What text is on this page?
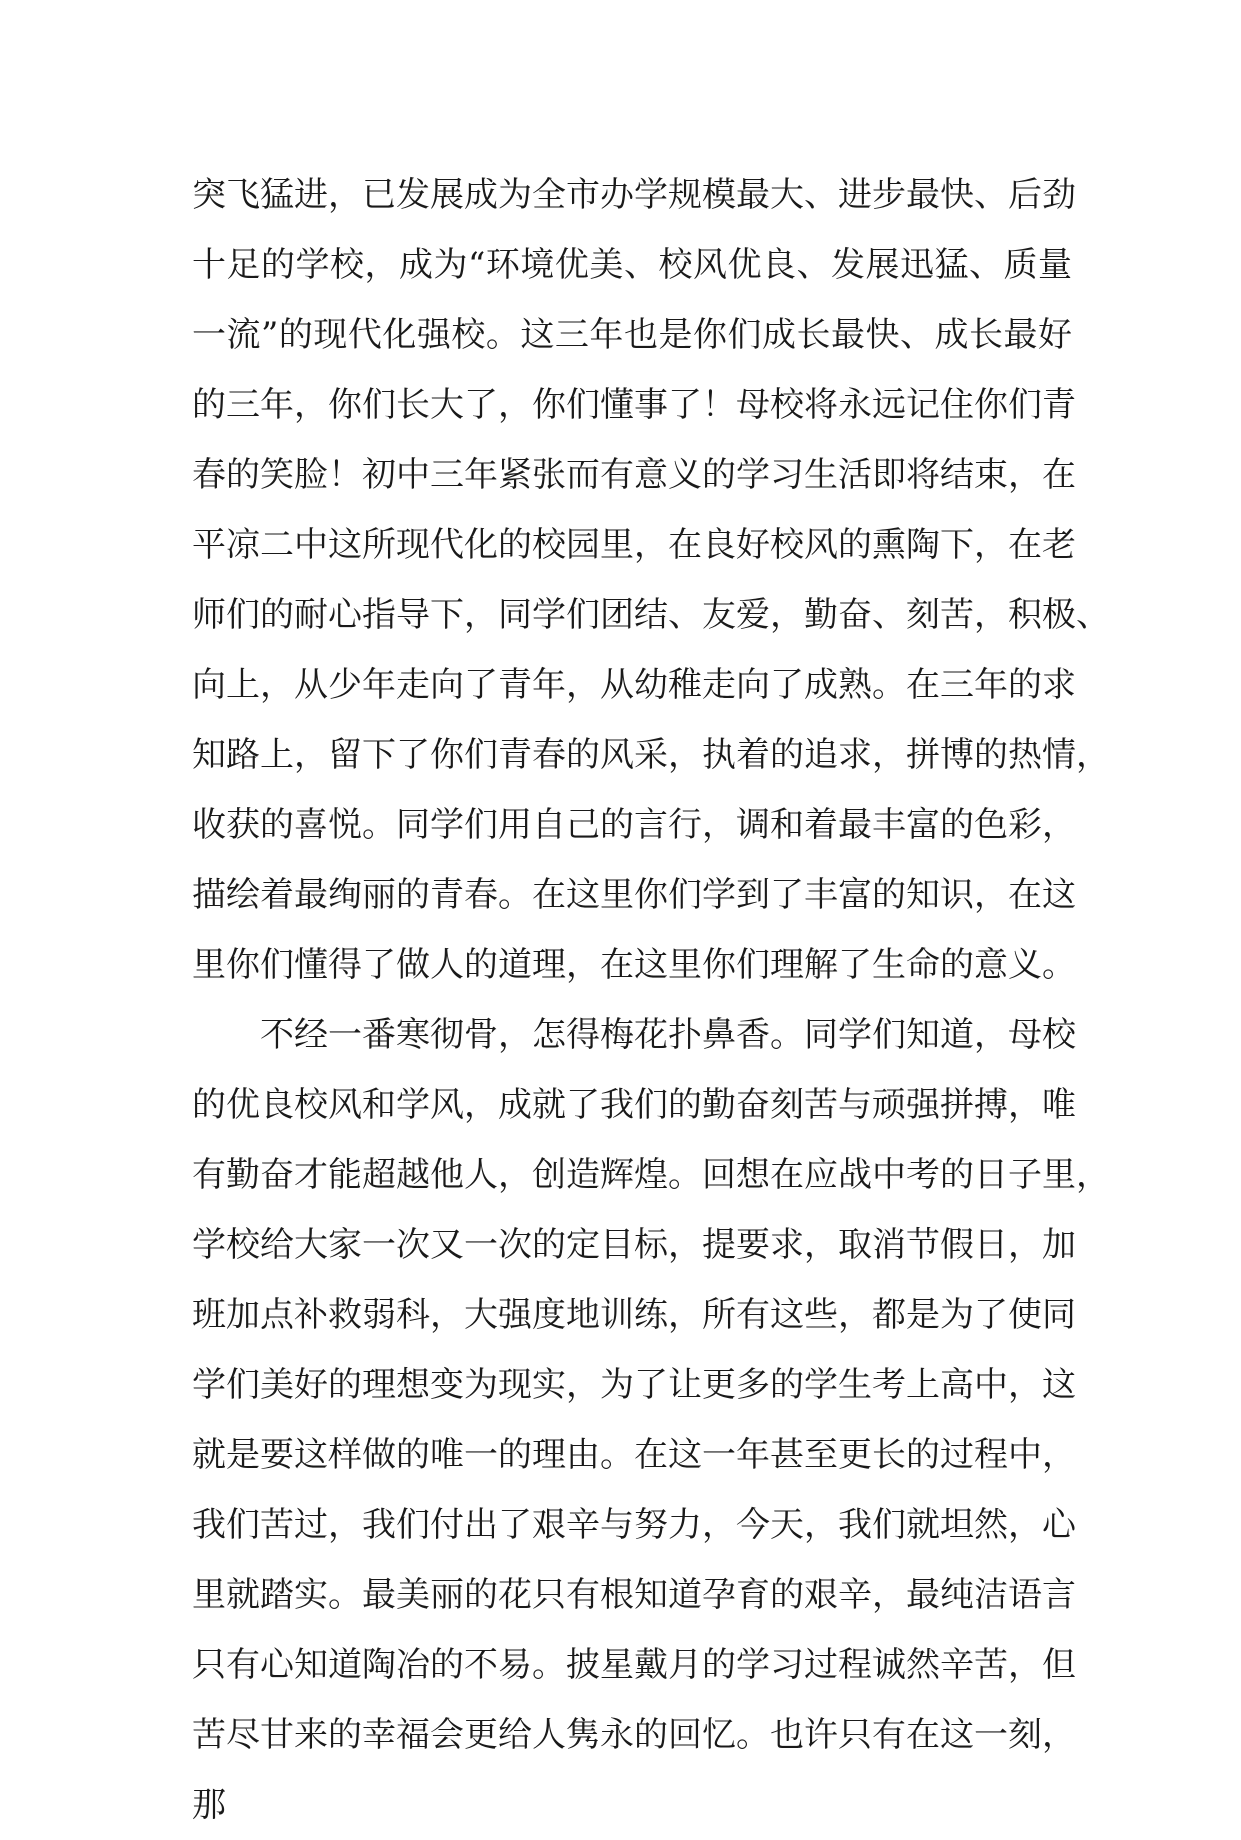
突飞猛进，已发展成为全市办学规模最大、进步最快、后劲
十足的学校，成为“环境优美、校风优良、发展迅猛、质量
一流”的现代化强校。这三年也是你们成长最快、成长最好
的三年，你们长大了，你们懂事了！母校将永远记住你们青
春的笑脸！初中三年紧张而有意义的学习生活即将结束，在
平凉二中这所现代化的校园里，在良好校风的熏陶下，在老
师们的耐心指导下，同学们团结、友爱，勤奋、刻苦，积极、
向上，从少年走向了青年，从幼稚走向了成熟。在三年的求
知路上，留下了你们青春的风采，执着的追求，拼博的热情，
收获的喜悦。同学们用自己的言行，调和着最丰富的色彩，
描绘着最绚丽的青春。在这里你们学到了丰富的知识，在这
里你们懂得了做人的道理，在这里你们理解了生命的意义。
不经一番寒彻骨，怎得梅花扑鼻香。同学们知道，母校
的优良校风和学风，成就了我们的勤奋刻苦与顽强拼搏，唯
有勤奋才能超越他人，创造辉煌。回想在应战中考的日子里，
学校给大家一次又一次的定目标，提要求，取消节假日，加
班加点补救弱科，大强度地训练，所有这些，都是为了使同
学们美好的理想变为现实，为了让更多的学生考上高中，这
就是要这样做的唯一的理由。在这一年甚至更长的过程中，
我们苦过，我们付出了艰辛与努力，今天，我们就坦然，心
里就踏实。最美丽的花只有根知道孕育的艰辛，最纯洁语言
只有心知道陶冶的不易。披星戴月的学习过程诚然辛苦，但
苦尽甘来的幸福会更给人隽永的回忆。也许只有在这一刻，
那
